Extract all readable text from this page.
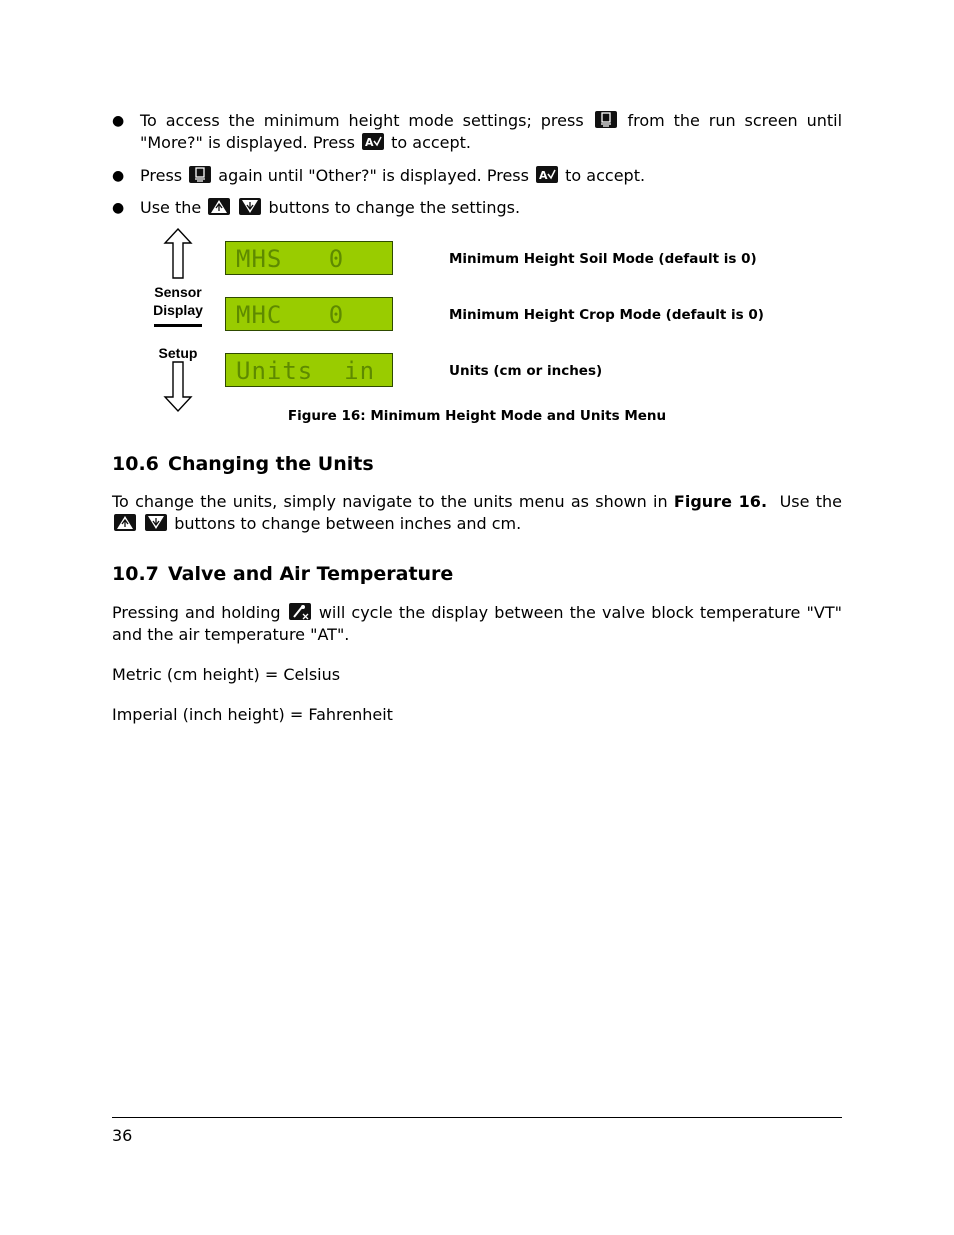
● To access the minimum height mode settings; press	from the run screen until "More?" is displayed. Press A to accept.
● Press again until "Other?" is displayed. Press A to accept.
● Use the
	buttons to change the settings.
Sensor Display
Setup
MHS   0	Minimum Height Soil Mode (default is 0)
MHC   0	Minimum Height Crop Mode (default is 0)
Units  in	Units (cm or inches)
Figure 16: Minimum Height Mode and Units Menu
10.6 Changing the Units
To change the units, simply navigate to the units menu as shown in Figure 16. Use the

buttons to change between inches and cm.
10.7 Valve and Air Temperature
Pressing and holding will cycle the display between the valve block temperature "VT" and the air temperature "AT".
Metric (cm height) = Celsius
Imperial (inch height) = Fahrenheit
36
